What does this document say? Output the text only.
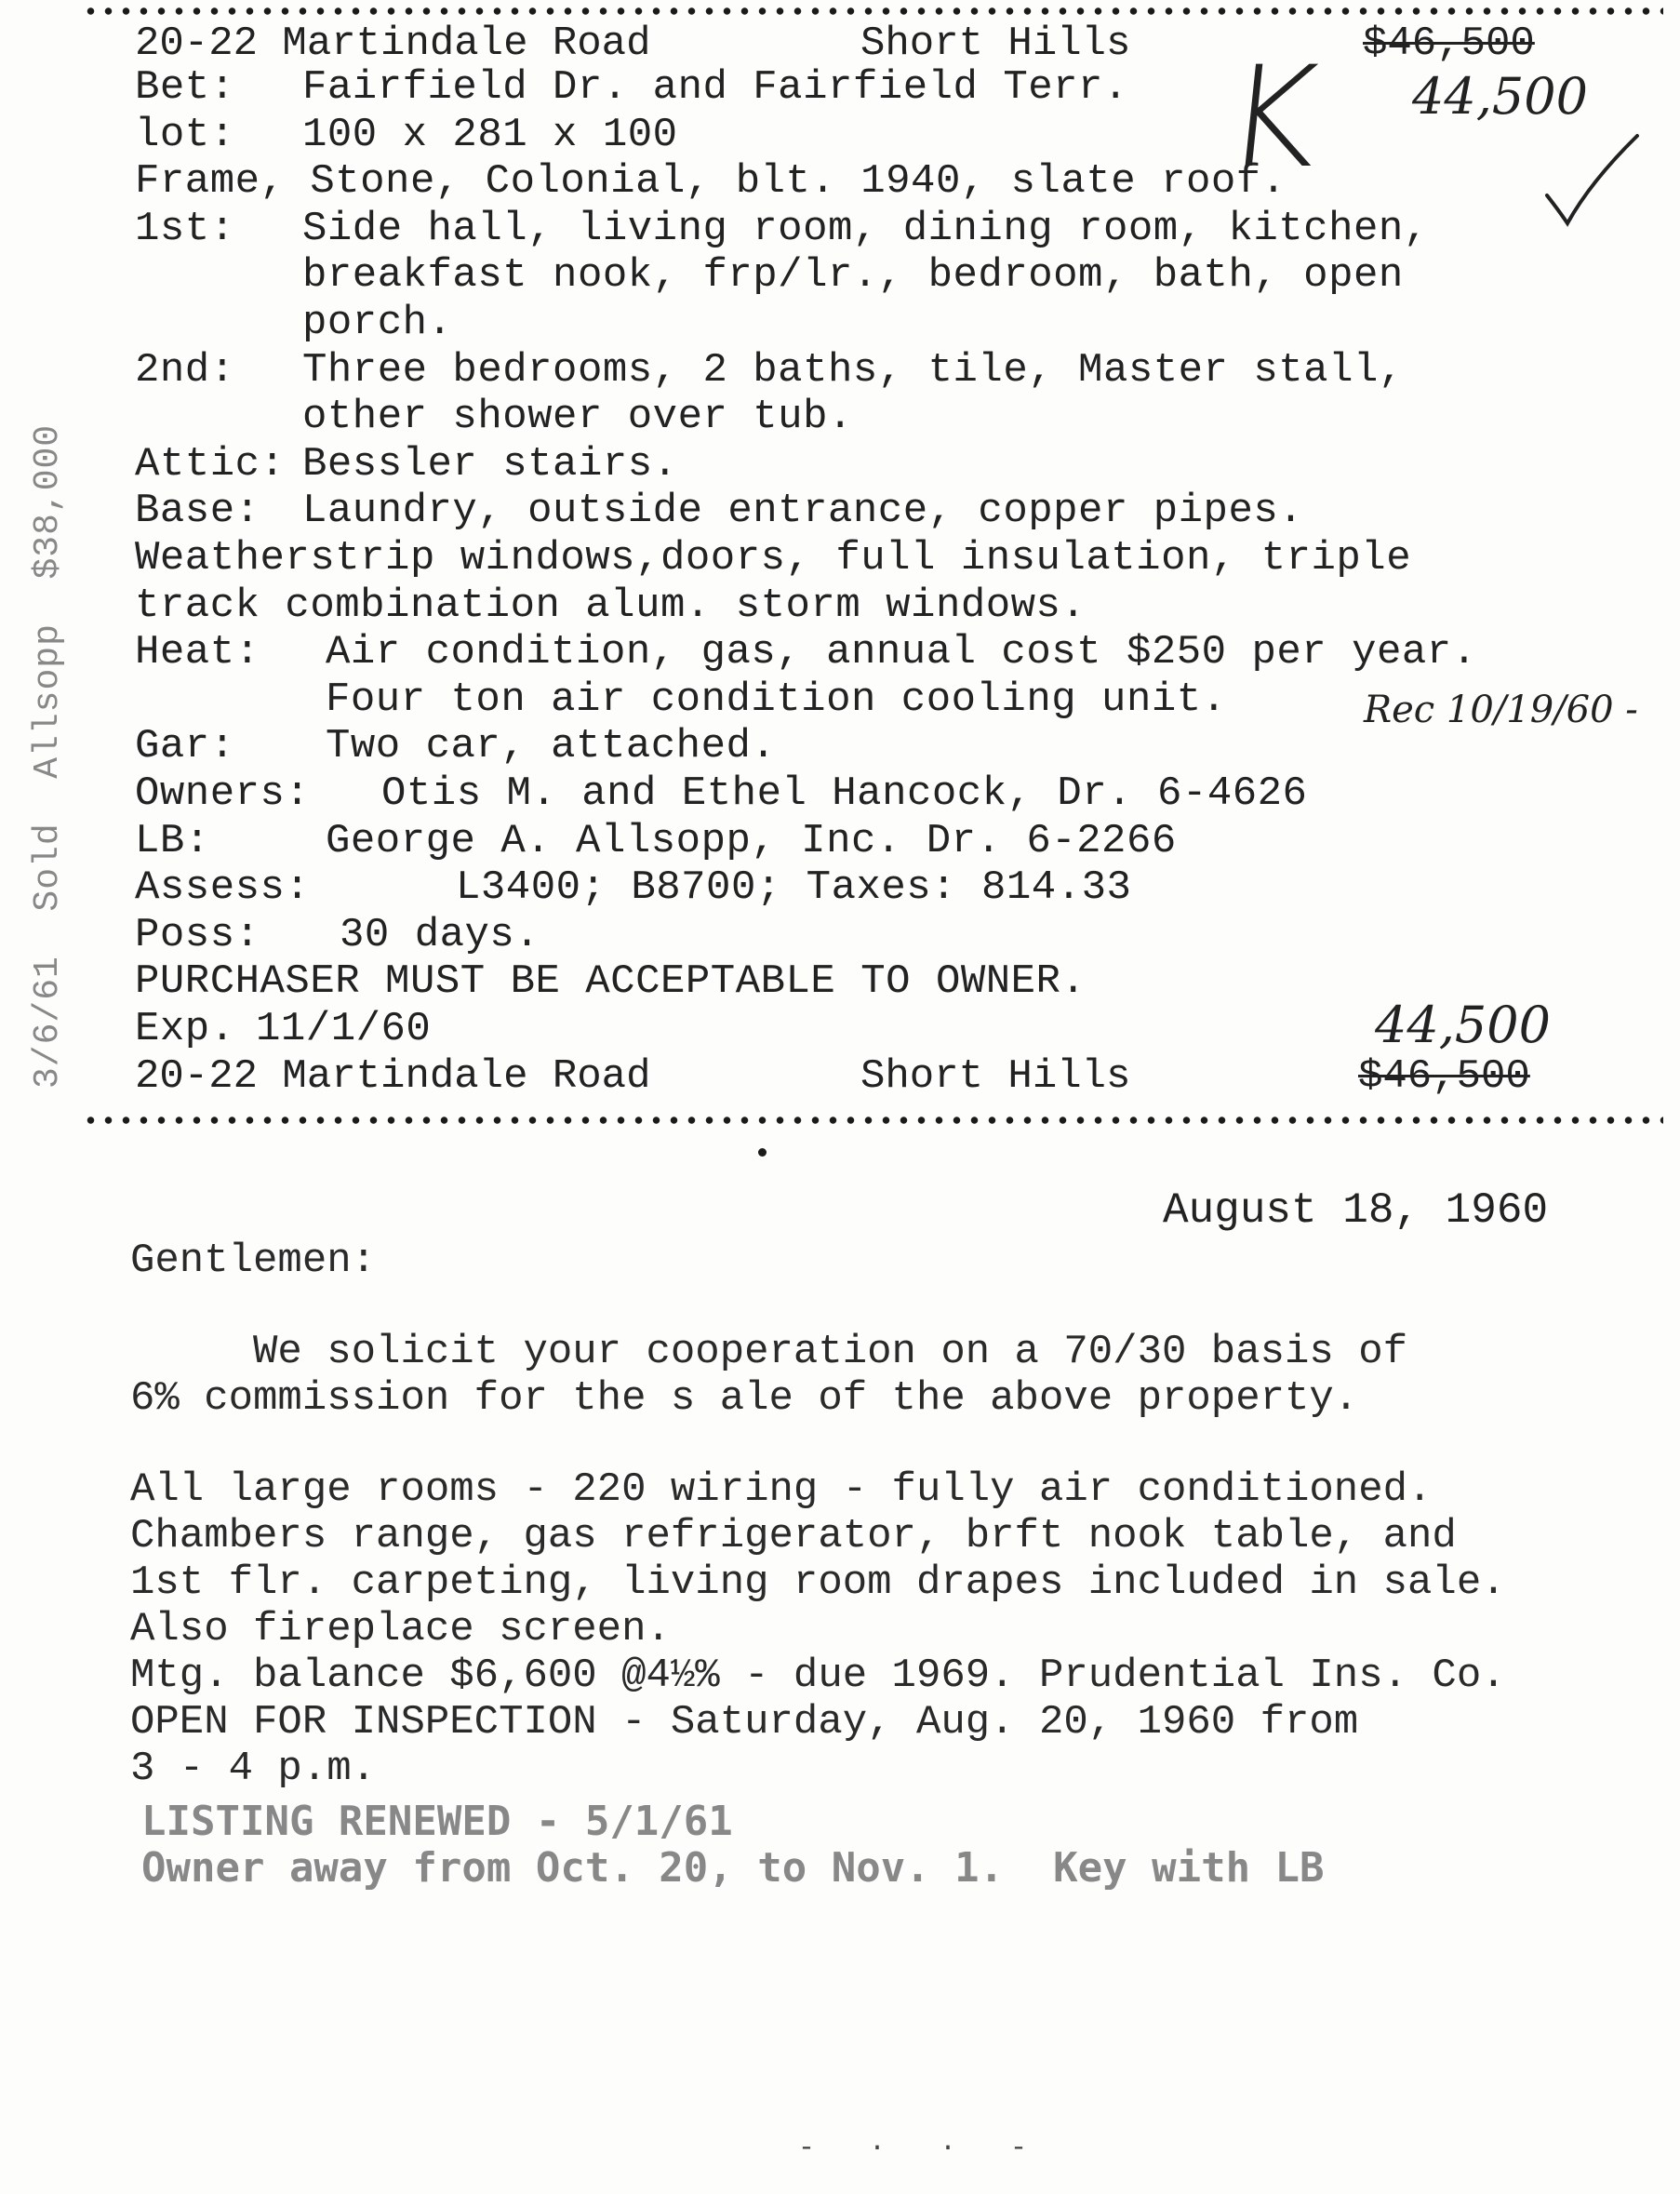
20-22 Martindale Road	Short Hills	$46,500
Bet: Fairfield Dr. and Fairfield Terr.
lot: 100 x 281 x 100
Frame, Stone, Colonial, blt. 1940, slate roof.
1st: Side hall, living room, dining room, kitchen,
breakfast nook, frp/lr., bedroom, bath, open
porch.
2nd: Three bedrooms, 2 baths, tile, Master stall,
other shower over tub.
Attic: Bessler stairs.
Base: Laundry, outside entrance, copper pipes.
Weatherstrip windows,doors, full insulation, triple
track combination alum. storm windows.
Heat: Air condition, gas, annual cost $250 per year.
Four ton air condition cooling unit.
Gar: Two car, attached.
Owners: Otis M. and Ethel Hancock, Dr. 6-4626
LB:	George A. Allsopp, Inc. Dr. 6-2266
Assess:	L3400; B8700; Taxes: 814.33
Poss: 30 days.
PURCHASER MUST BE ACCEPTABLE TO OWNER.
Exp. 11/1/60
20-22 Martindale Road	Short Hills	$46,500
K 44,500
44,500
Rec 10/19/60 -
3/6/61  Sold  Allsopp  $38,000
August 18, 1960
Gentlemen:
We solicit your cooperation on a 70/30 basis of
6% commission for the s ale of the above property.
All large rooms - 220 wiring - fully air conditioned.
Chambers range, gas refrigerator, brft nook table, and
1st flr. carpeting, living room drapes included in sale.
Also fireplace screen.
Mtg. balance $6,600 @4½% - due 1969. Prudential Ins. Co.
OPEN FOR INSPECTION - Saturday, Aug. 20, 1960 from
3 - 4 p.m.
LISTING RENEWED - 5/1/61
Owner away from Oct. 20, to Nov. 1.  Key with LB
- · · -
